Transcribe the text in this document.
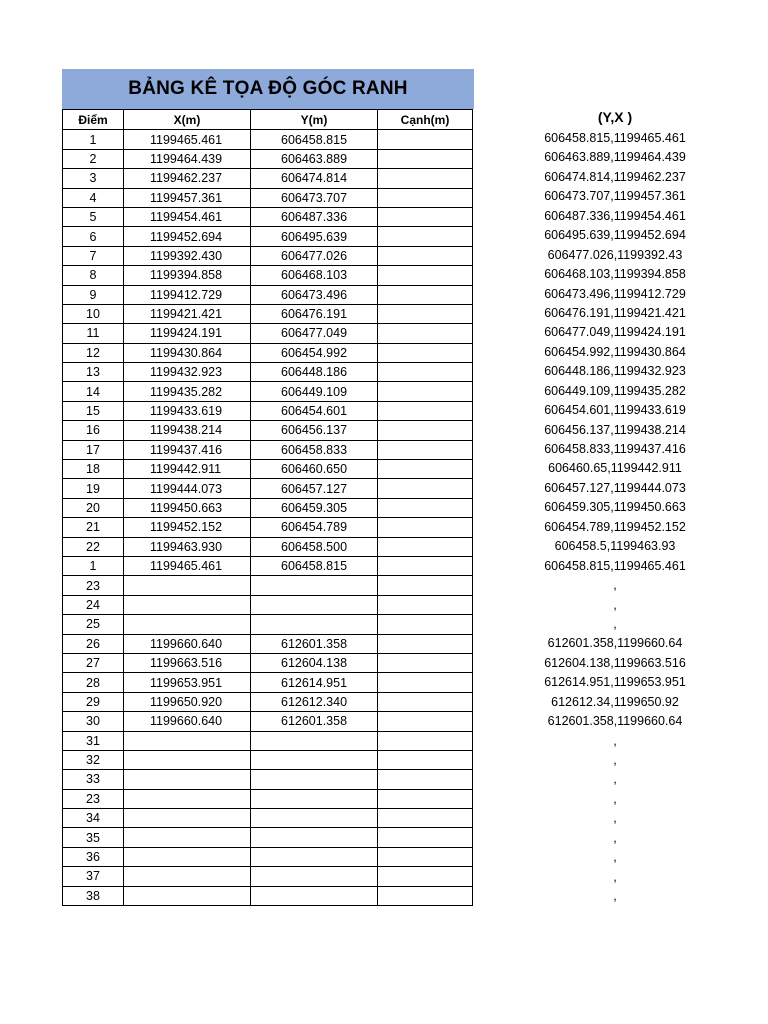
BẢNG KÊ TỌA ĐỘ GÓC RANH
Điểm	X(m)	Y(m)	Cạnh(m)
1	1199465.461	606458.815	
2	1199464.439	606463.889	
3	1199462.237	606474.814	
4	1199457.361	606473.707	
5	1199454.461	606487.336	
6	1199452.694	606495.639	
7	1199392.430	606477.026	
8	1199394.858	606468.103	
9	1199412.729	606473.496	
10	1199421.421	606476.191	
11	1199424.191	606477.049	
12	1199430.864	606454.992	
13	1199432.923	606448.186	
14	1199435.282	606449.109	
15	1199433.619	606454.601	
16	1199438.214	606456.137	
17	1199437.416	606458.833	
18	1199442.911	606460.650	
19	1199444.073	606457.127	
20	1199450.663	606459.305	
21	1199452.152	606454.789	
22	1199463.930	606458.500	
1	1199465.461	606458.815	
23			
24			
25			
26	1199660.640	612601.358	
27	1199663.516	612604.138	
28	1199653.951	612614.951	
29	1199650.920	612612.340	
30	1199660.640	612601.358	
31			
32			
33			
23			
34			
35			
36			
37			
38			
(Y,X )
606458.815,1199465.461
606463.889,1199464.439
606474.814,1199462.237
606473.707,1199457.361
606487.336,1199454.461
606495.639,1199452.694
606477.026,1199392.43
606468.103,1199394.858
606473.496,1199412.729
606476.191,1199421.421
606477.049,1199424.191
606454.992,1199430.864
606448.186,1199432.923
606449.109,1199435.282
606454.601,1199433.619
606456.137,1199438.214
606458.833,1199437.416
606460.65,1199442.911
606457.127,1199444.073
606459.305,1199450.663
606454.789,1199452.152
606458.5,1199463.93
606458.815,1199465.461
,
,
,
612601.358,1199660.64
612604.138,1199663.516
612614.951,1199653.951
612612.34,1199650.92
612601.358,1199660.64
,
,
,
,
,
,
,
,
,
